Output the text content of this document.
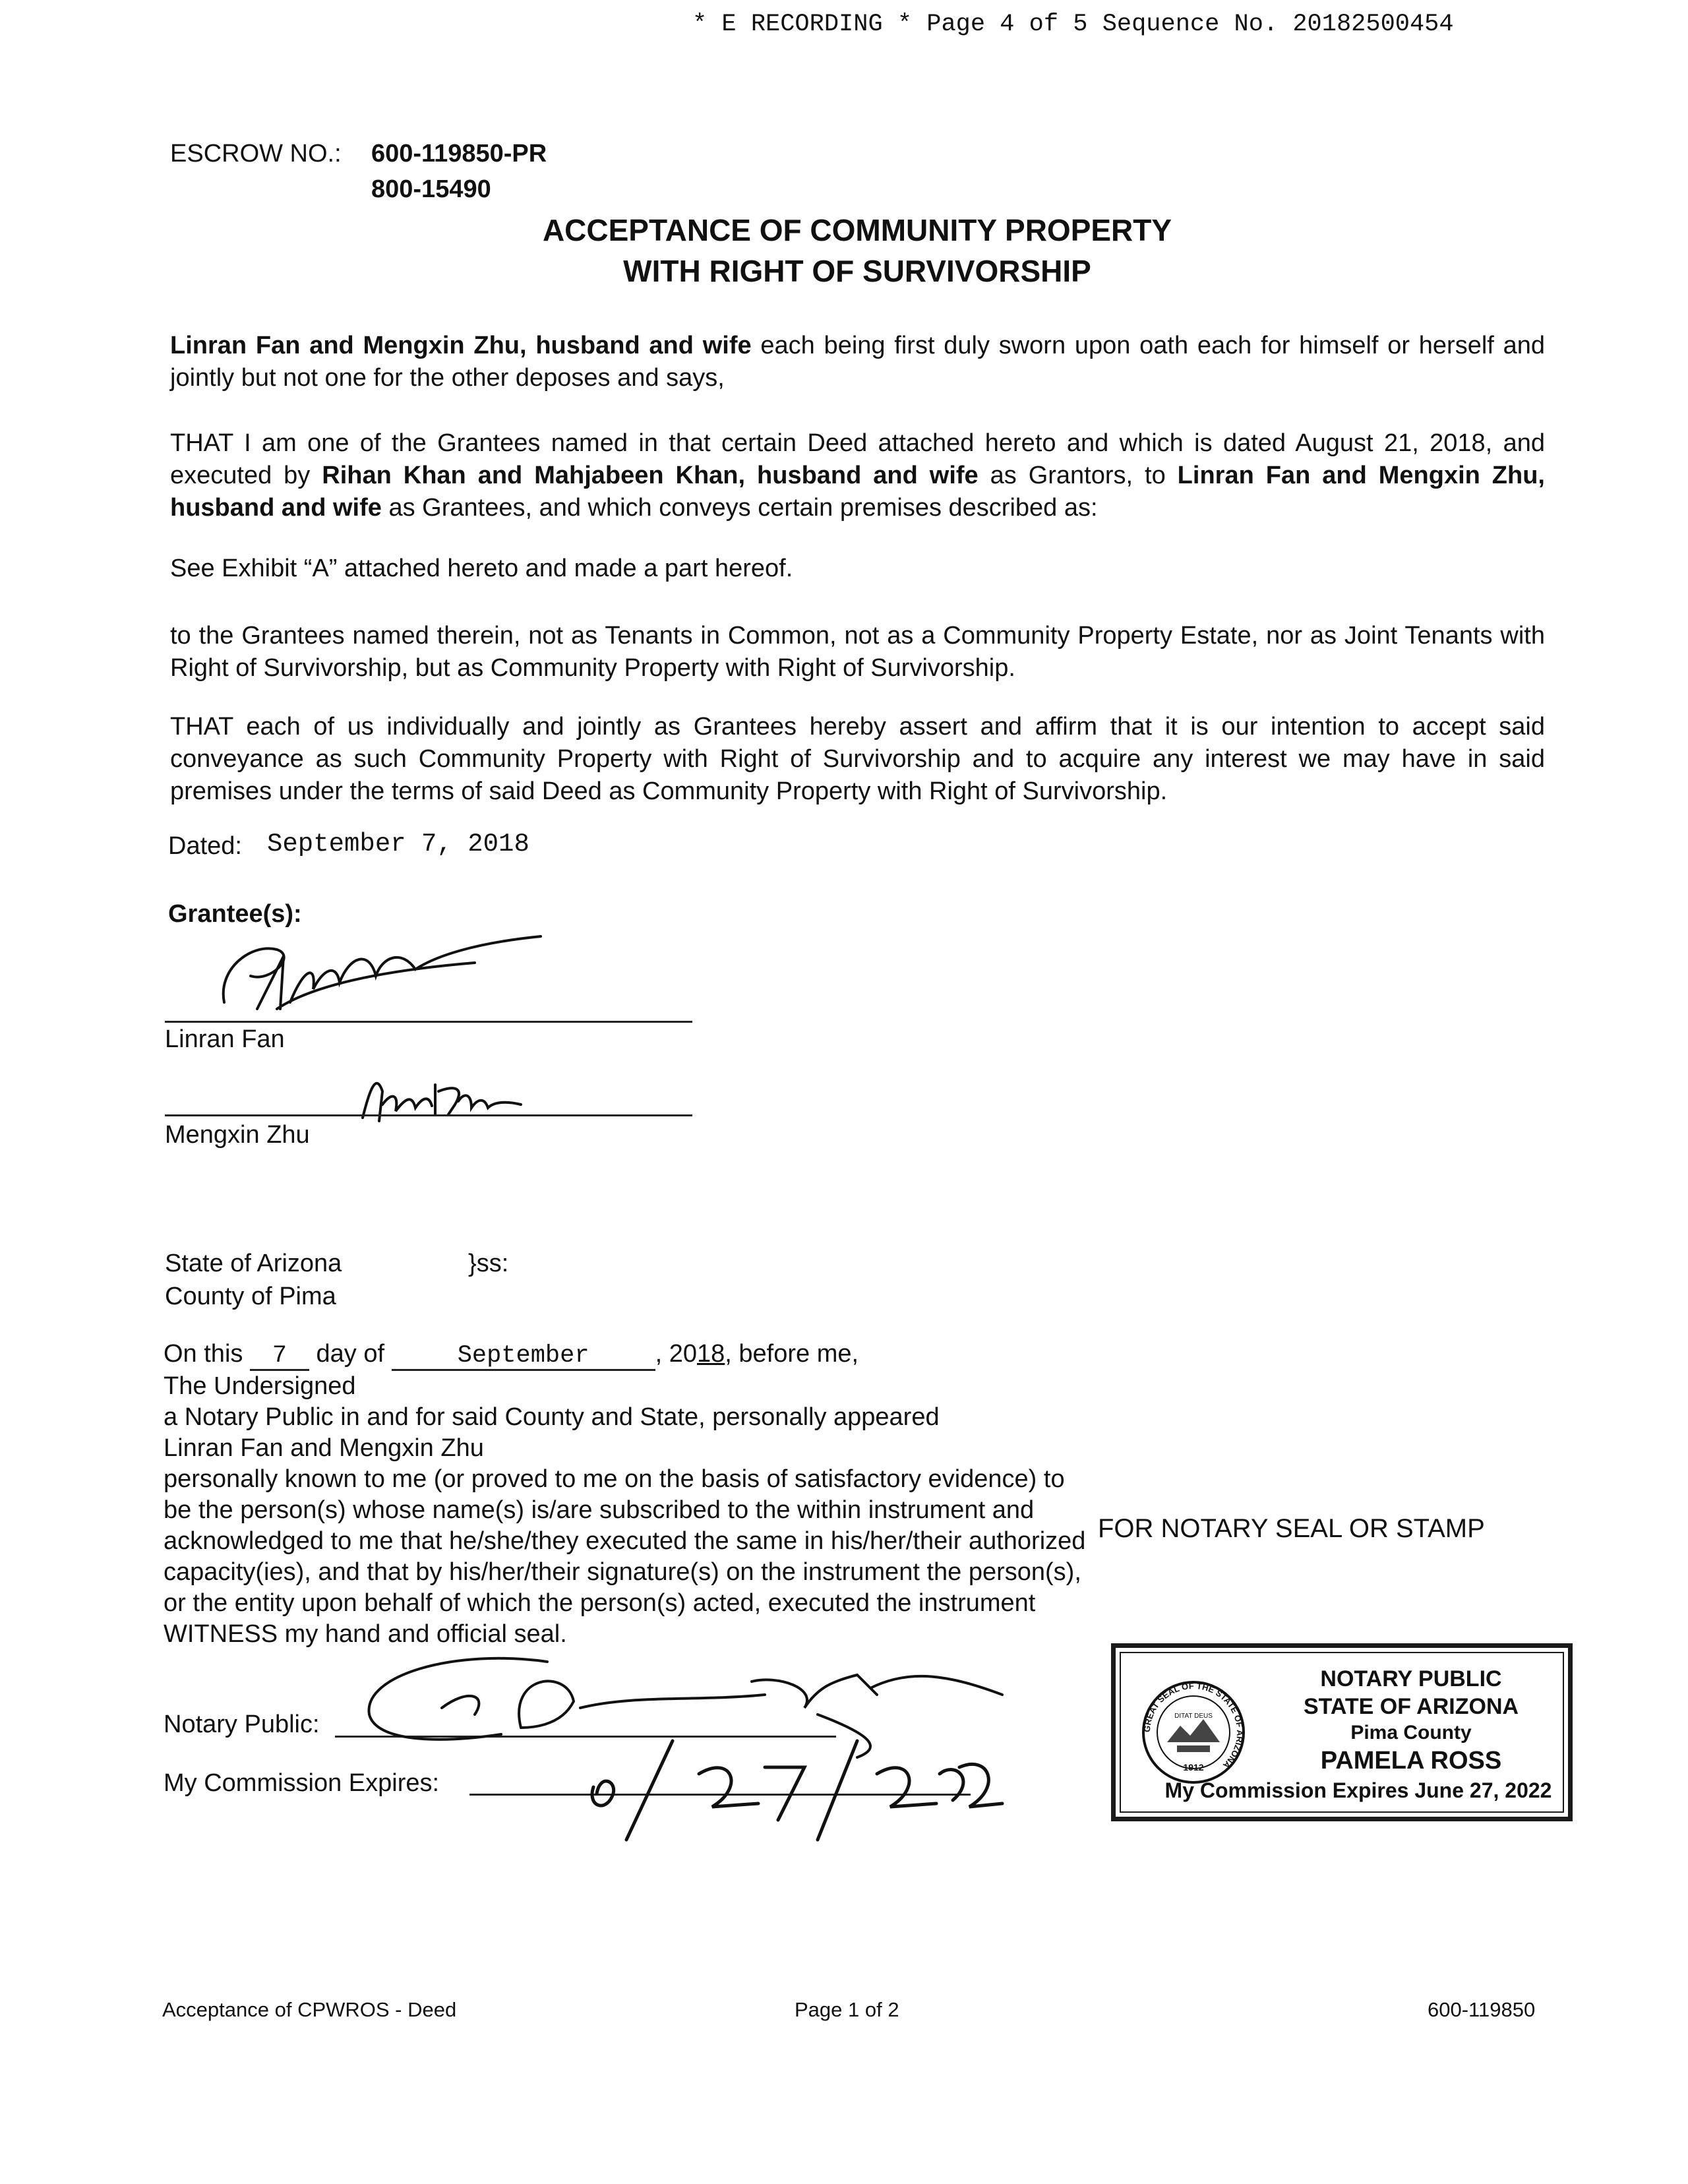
* E RECORDING * Page 4 of 5 Sequence No. 20182500454
ESCROW NO.: 600-119850-PR
800-15490
ACCEPTANCE OF COMMUNITY PROPERTY
WITH RIGHT OF SURVIVORSHIP
Linran Fan and Mengxin Zhu, husband and wife each being first duly sworn upon oath each for himself or herself and jointly but not one for the other deposes and says,
THAT I am one of the Grantees named in that certain Deed attached hereto and which is dated August 21, 2018, and executed by Rihan Khan and Mahjabeen Khan, husband and wife as Grantors, to Linran Fan and Mengxin Zhu, husband and wife as Grantees, and which conveys certain premises described as:
See Exhibit “A” attached hereto and made a part hereof.
to the Grantees named therein, not as Tenants in Common, not as a Community Property Estate, nor as Joint Tenants with Right of Survivorship, but as Community Property with Right of Survivorship.
THAT each of us individually and jointly as Grantees hereby assert and affirm that it is our intention to accept said conveyance as such Community Property with Right of Survivorship and to acquire any interest we may have in said premises under the terms of said Deed as Community Property with Right of Survivorship.
Dated: September 7, 2018
Grantee(s):
Linran Fan
Mengxin Zhu
State of Arizona	}ss:
County of Pima
On this 7 day of	September	, 2018, before me,
The Undersigned
a Notary Public in and for said County and State, personally appeared
Linran Fan and Mengxin Zhu
personally known to me (or proved to me on the basis of satisfactory evidence) to be the person(s) whose name(s) is/are subscribed to the within instrument and acknowledged to me that he/she/they executed the same in his/her/their authorized capacity(ies), and that by his/her/their signature(s) on the instrument the person(s), or the entity upon behalf of which the person(s) acted, executed the instrument
WITNESS my hand and official seal.
Notary Public:
My Commission Expires:
FOR NOTARY SEAL OR STAMP
GREAT SEAL OF THE STATE OF ARIZONA
DITAT DEUS
1912
NOTARY PUBLIC
STATE OF ARIZONA
Pima County
PAMELA ROSS
My Commission Expires June 27, 2022
Acceptance of CPWROS - Deed	Page 1 of 2	600-119850
